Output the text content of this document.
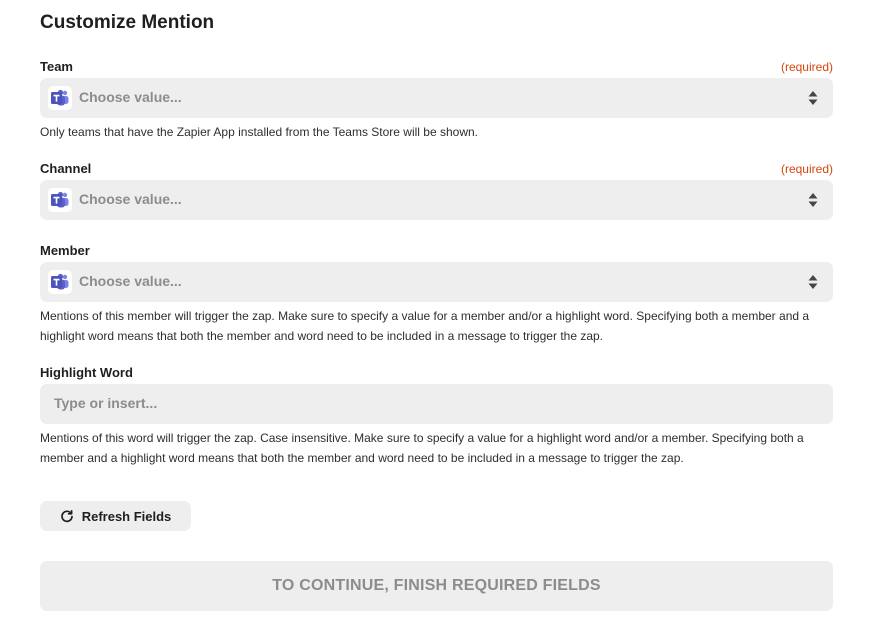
Customize Mention
Team	(required)
Choose value...
Only teams that have the Zapier App installed from the Teams Store will be shown.
Channel	(required)
Choose value...
Member
Choose value...
Mentions of this member will trigger the zap. Make sure to specify a value for a member and/or a highlight word. Specifying both a member and a highlight word means that both the member and word need to be included in a message to trigger the zap.
Highlight Word
Type or insert...
Mentions of this word will trigger the zap. Case insensitive. Make sure to specify a value for a highlight word and/or a member. Specifying both a member and a highlight word means that both the member and word need to be included in a message to trigger the zap.
Refresh Fields
TO CONTINUE, FINISH REQUIRED FIELDS
